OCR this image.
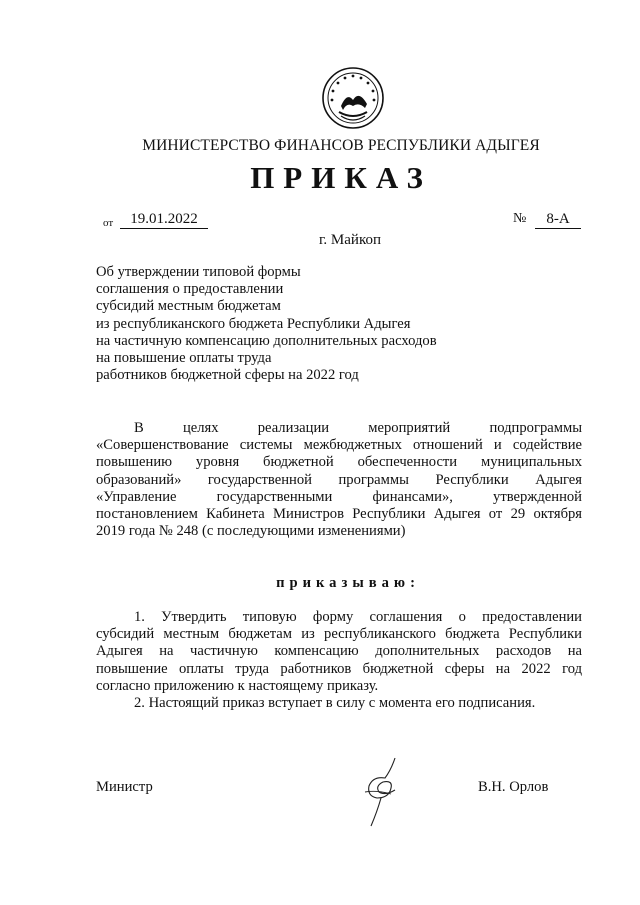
МИНИСТЕРСТВО ФИНАНСОВ РЕСПУБЛИКИ АДЫГЕЯ
ПРИКАЗ
от	19.01.2022	№	8-А
г. Майкоп
Об утверждении типовой формы
соглашения о предоставлении
субсидий местным бюджетам
из республиканского бюджета Республики Адыгея
на частичную компенсацию дополнительных расходов
на повышение оплаты труда
работников бюджетной сферы на 2022 год
В целях реализации мероприятий подпрограммы
«Совершенствование системы межбюджетных отношений и содействие
повышению уровня бюджетной обеспеченности муниципальных
образований» государственной программы Республики Адыгея
«Управление государственными финансами», утвержденной
постановлением Кабинета Министров Республики Адыгея от 29 октября
2019 года № 248 (с последующими изменениями)
приказываю:
1. Утвердить типовую форму соглашения о предоставлении
субсидий местным бюджетам из республиканского бюджета Республики
Адыгея на частичную компенсацию дополнительных расходов на
повышение оплаты труда работников бюджетной сферы на 2022 год
согласно приложению к настоящему приказу.
2. Настоящий приказ вступает в силу с момента его подписания.
Министр	В.Н. Орлов
